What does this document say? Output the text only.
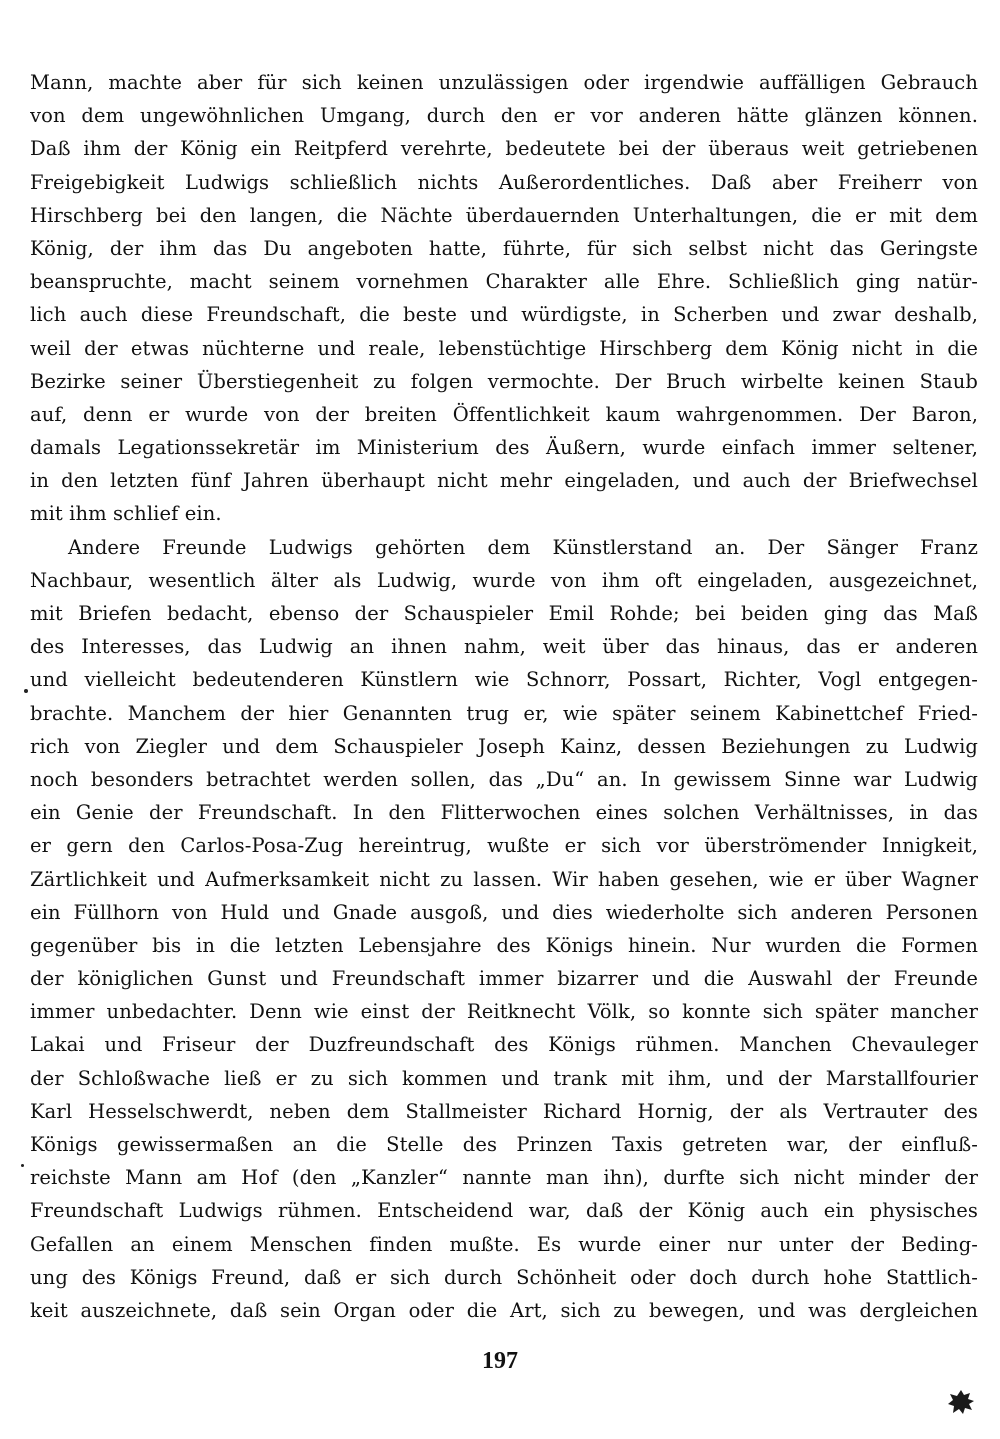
Mann, machte aber für sich keinen unzulässigen oder irgendwie auffälligen Gebrauch
von dem ungewöhnlichen Umgang, durch den er vor anderen hätte glänzen können.
Daß ihm der König ein Reitpferd verehrte, bedeutete bei der überaus weit getriebenen
Freigebigkeit Ludwigs schließlich nichts Außerordentliches. Daß aber Freiherr von
Hirschberg bei den langen, die Nächte überdauernden Unterhaltungen, die er mit dem
König, der ihm das Du angeboten hatte, führte, für sich selbst nicht das Geringste
beanspruchte, macht seinem vornehmen Charakter alle Ehre. Schließlich ging natür-
lich auch diese Freundschaft, die beste und würdigste, in Scherben und zwar deshalb,
weil der etwas nüchterne und reale, lebenstüchtige Hirschberg dem König nicht in die
Bezirke seiner Überstiegenheit zu folgen vermochte. Der Bruch wirbelte keinen Staub
auf, denn er wurde von der breiten Öffentlichkeit kaum wahrgenommen. Der Baron,
damals Legationssekretär im Ministerium des Äußern, wurde einfach immer seltener,
in den letzten fünf Jahren überhaupt nicht mehr eingeladen, und auch der Briefwechsel
mit ihm schlief ein.
Andere Freunde Ludwigs gehörten dem Künstlerstand an. Der Sänger Franz
Nachbaur, wesentlich älter als Ludwig, wurde von ihm oft eingeladen, ausgezeichnet,
mit Briefen bedacht, ebenso der Schauspieler Emil Rohde; bei beiden ging das Maß
des Interesses, das Ludwig an ihnen nahm, weit über das hinaus, das er anderen
und vielleicht bedeutenderen Künstlern wie Schnorr, Possart, Richter, Vogl entgegen-
brachte. Manchem der hier Genannten trug er, wie später seinem Kabinettchef Fried-
rich von Ziegler und dem Schauspieler Joseph Kainz, dessen Beziehungen zu Ludwig
noch besonders betrachtet werden sollen, das „Du“ an. In gewissem Sinne war Ludwig
ein Genie der Freundschaft. In den Flitterwochen eines solchen Verhältnisses, in das
er gern den Carlos-Posa-Zug hereintrug, wußte er sich vor überströmender Innigkeit,
Zärtlichkeit und Aufmerksamkeit nicht zu lassen. Wir haben gesehen, wie er über Wagner
ein Füllhorn von Huld und Gnade ausgoß, und dies wiederholte sich anderen Personen
gegenüber bis in die letzten Lebensjahre des Königs hinein. Nur wurden die Formen
der königlichen Gunst und Freundschaft immer bizarrer und die Auswahl der Freunde
immer unbedachter. Denn wie einst der Reitknecht Völk, so konnte sich später mancher
Lakai und Friseur der Duzfreundschaft des Königs rühmen. Manchen Chevauleger
der Schloßwache ließ er zu sich kommen und trank mit ihm, und der Marstallfourier
Karl Hesselschwerdt, neben dem Stallmeister Richard Hornig, der als Vertrauter des
Königs gewissermaßen an die Stelle des Prinzen Taxis getreten war, der einfluß-
reichste Mann am Hof (den „Kanzler“ nannte man ihn), durfte sich nicht minder der
Freundschaft Ludwigs rühmen. Entscheidend war, daß der König auch ein physisches
Gefallen an einem Menschen finden mußte. Es wurde einer nur unter der Beding-
ung des Königs Freund, daß er sich durch Schönheit oder doch durch hohe Stattlich-
keit auszeichnete, daß sein Organ oder die Art, sich zu bewegen, und was dergleichen
197
